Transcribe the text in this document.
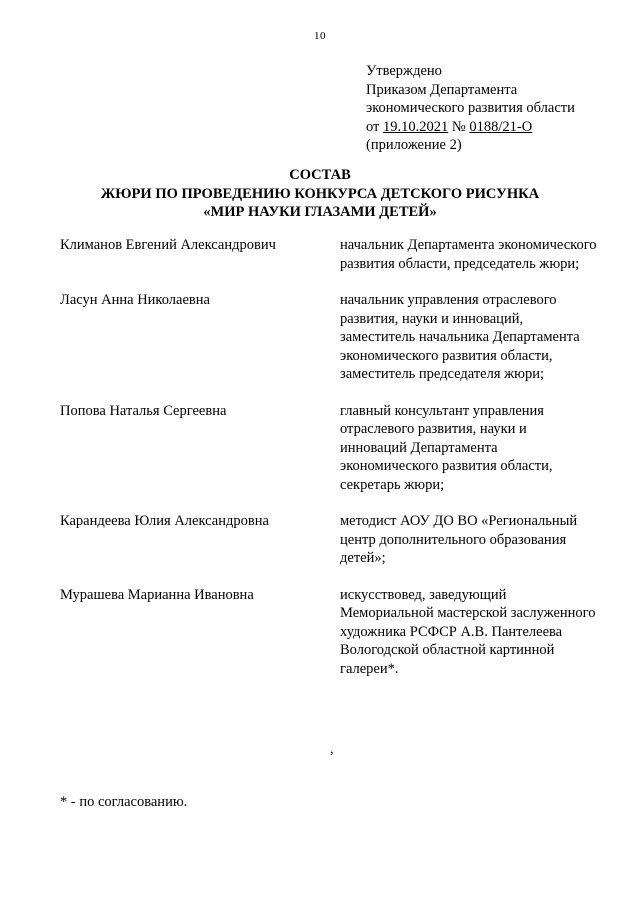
10
Утверждено
Приказом Департамента
экономического развития области
от 19.10.2021 № 0188/21-О
(приложение 2)
СОСТАВ
ЖЮРИ ПО ПРОВЕДЕНИЮ КОНКУРСА ДЕТСКОГО РИСУНКА
«МИР НАУКИ ГЛАЗАМИ ДЕТЕЙ»
Климанов Евгений Александрович	начальник Департамента экономического
развития области, председатель жюри;
Ласун Анна Николаевна	начальник управления отраслевого
развития, науки и инноваций,
заместитель начальника Департамента
экономического развития области,
заместитель председателя жюри;
Попова Наталья Сергеевна	главный консультант управления
отраслевого развития, науки и
инноваций Департамента
экономического развития области,
секретарь жюри;
Карандеева Юлия Александровна	методист АОУ ДО ВО «Региональный
центр дополнительного образования
детей»;
Мурашева Марианна Ивановна	искусствовед, заведующий
Мемориальной мастерской заслуженного
художника РСФСР А.В. Пантелеева
Вологодской областной картинной
галереи*.
,
* - по согласованию.
